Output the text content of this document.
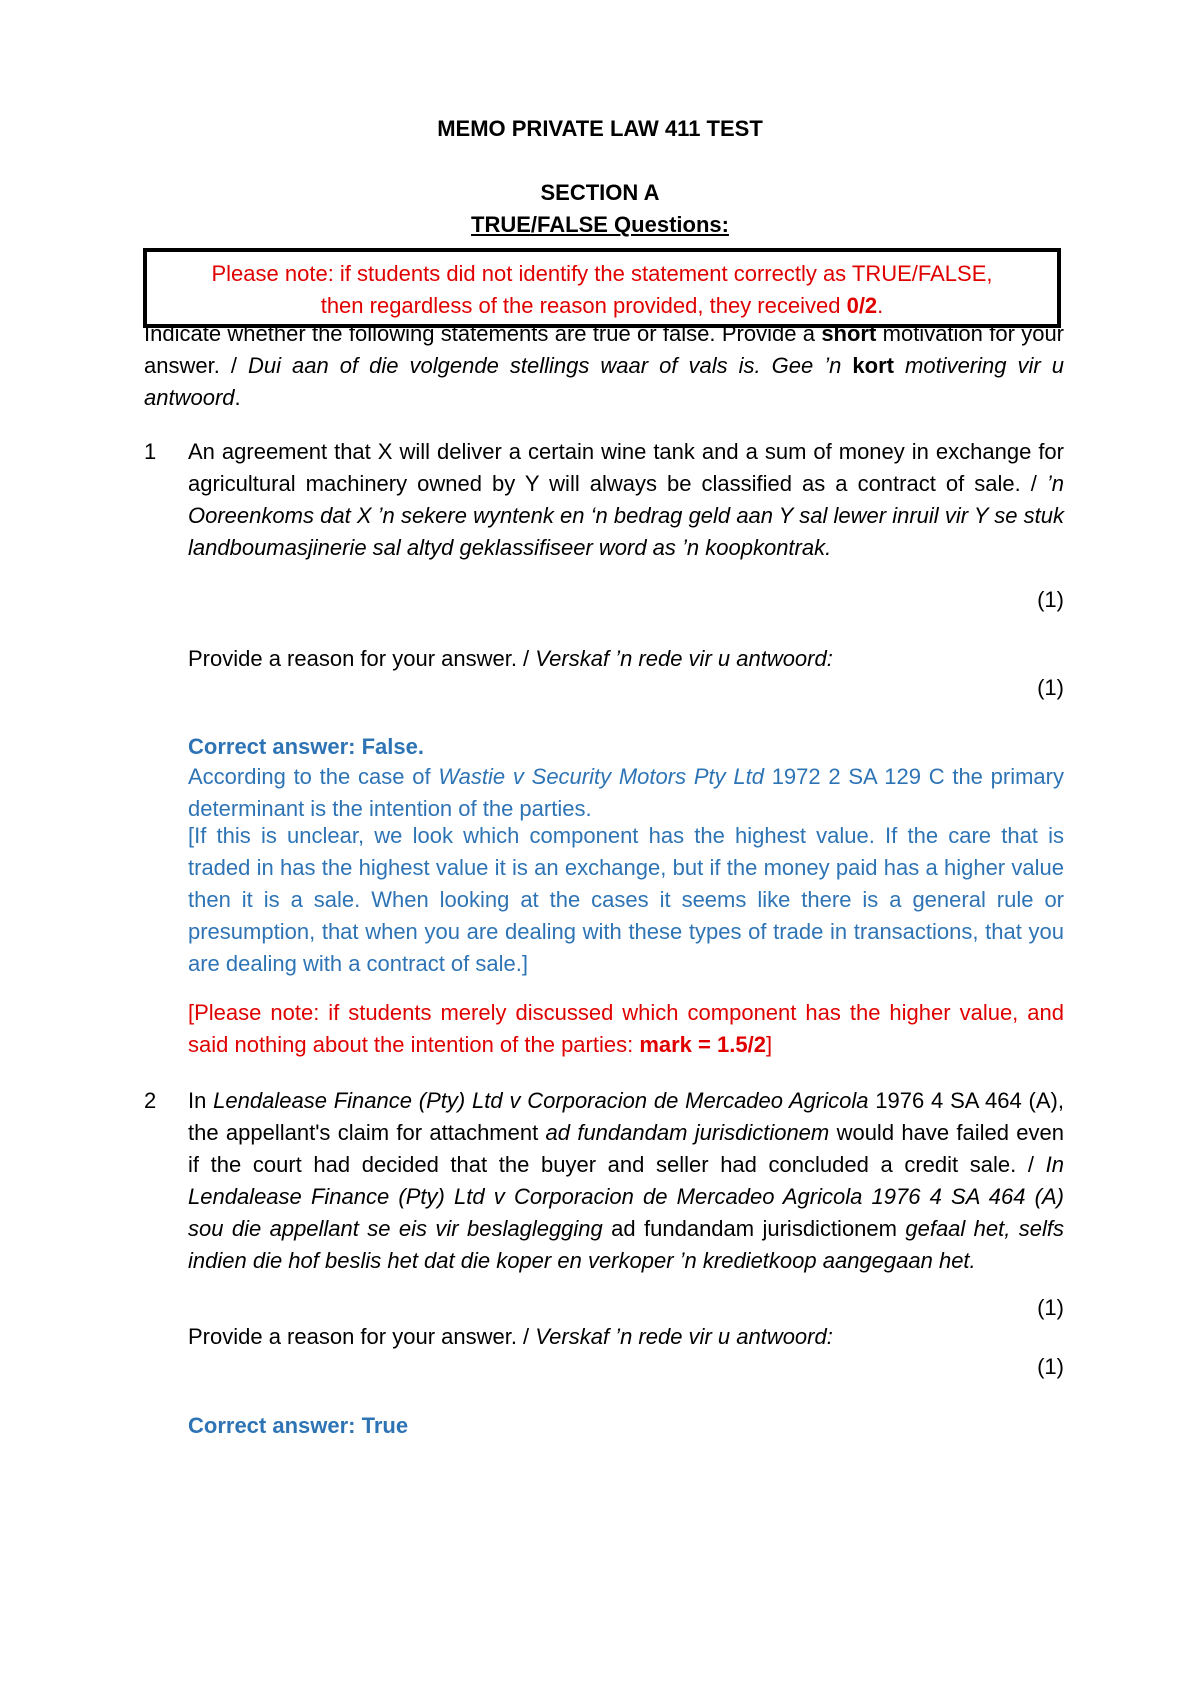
MEMO PRIVATE LAW 411 TEST
SECTION A
TRUE/FALSE Questions:
Please note: if students did not identify the statement correctly as TRUE/FALSE,
then regardless of the reason provided, they received 0/2.
Indicate whether the following statements are true or false. Provide a short motivation for your answer. / Dui aan of die volgende stellings waar of vals is. Gee ’n kort motivering vir u antwoord.
1	An agreement that X will deliver a certain wine tank and a sum of money in exchange for agricultural machinery owned by Y will always be classified as a contract of sale. / ’n Ooreenkoms dat X ’n sekere wyntenk en ‘n bedrag geld aan Y sal lewer inruil vir Y se stuk landboumasjinerie sal altyd geklassifiseer word as ’n koopkontrak.
(1)
Provide a reason for your answer. / Verskaf ’n rede vir u antwoord:
(1)
Correct answer: False.
According to the case of Wastie v Security Motors Pty Ltd 1972 2 SA 129 C the primary determinant is the intention of the parties.
[If this is unclear, we look which component has the highest value. If the care that is traded in has the highest value it is an exchange, but if the money paid has a higher value then it is a sale. When looking at the cases it seems like there is a general rule or presumption, that when you are dealing with these types of trade in transactions, that you are dealing with a contract of sale.]
[Please note: if students merely discussed which component has the higher value, and said nothing about the intention of the parties: mark = 1.5/2]
2	In Lendalease Finance (Pty) Ltd v Corporacion de Mercadeo Agricola 1976 4 SA 464 (A), the appellant's claim for attachment ad fundandam jurisdictionem would have failed even if the court had decided that the buyer and seller had concluded a credit sale. / In Lendalease Finance (Pty) Ltd v Corporacion de Mercadeo Agricola 1976 4 SA 464 (A) sou die appellant se eis vir beslaglegging ad fundandam jurisdictionem gefaal het, selfs indien die hof beslis het dat die koper en verkoper ’n kredietkoop aangegaan het.
(1)
Provide a reason for your answer. / Verskaf ’n rede vir u antwoord:
(1)
Correct answer: True
